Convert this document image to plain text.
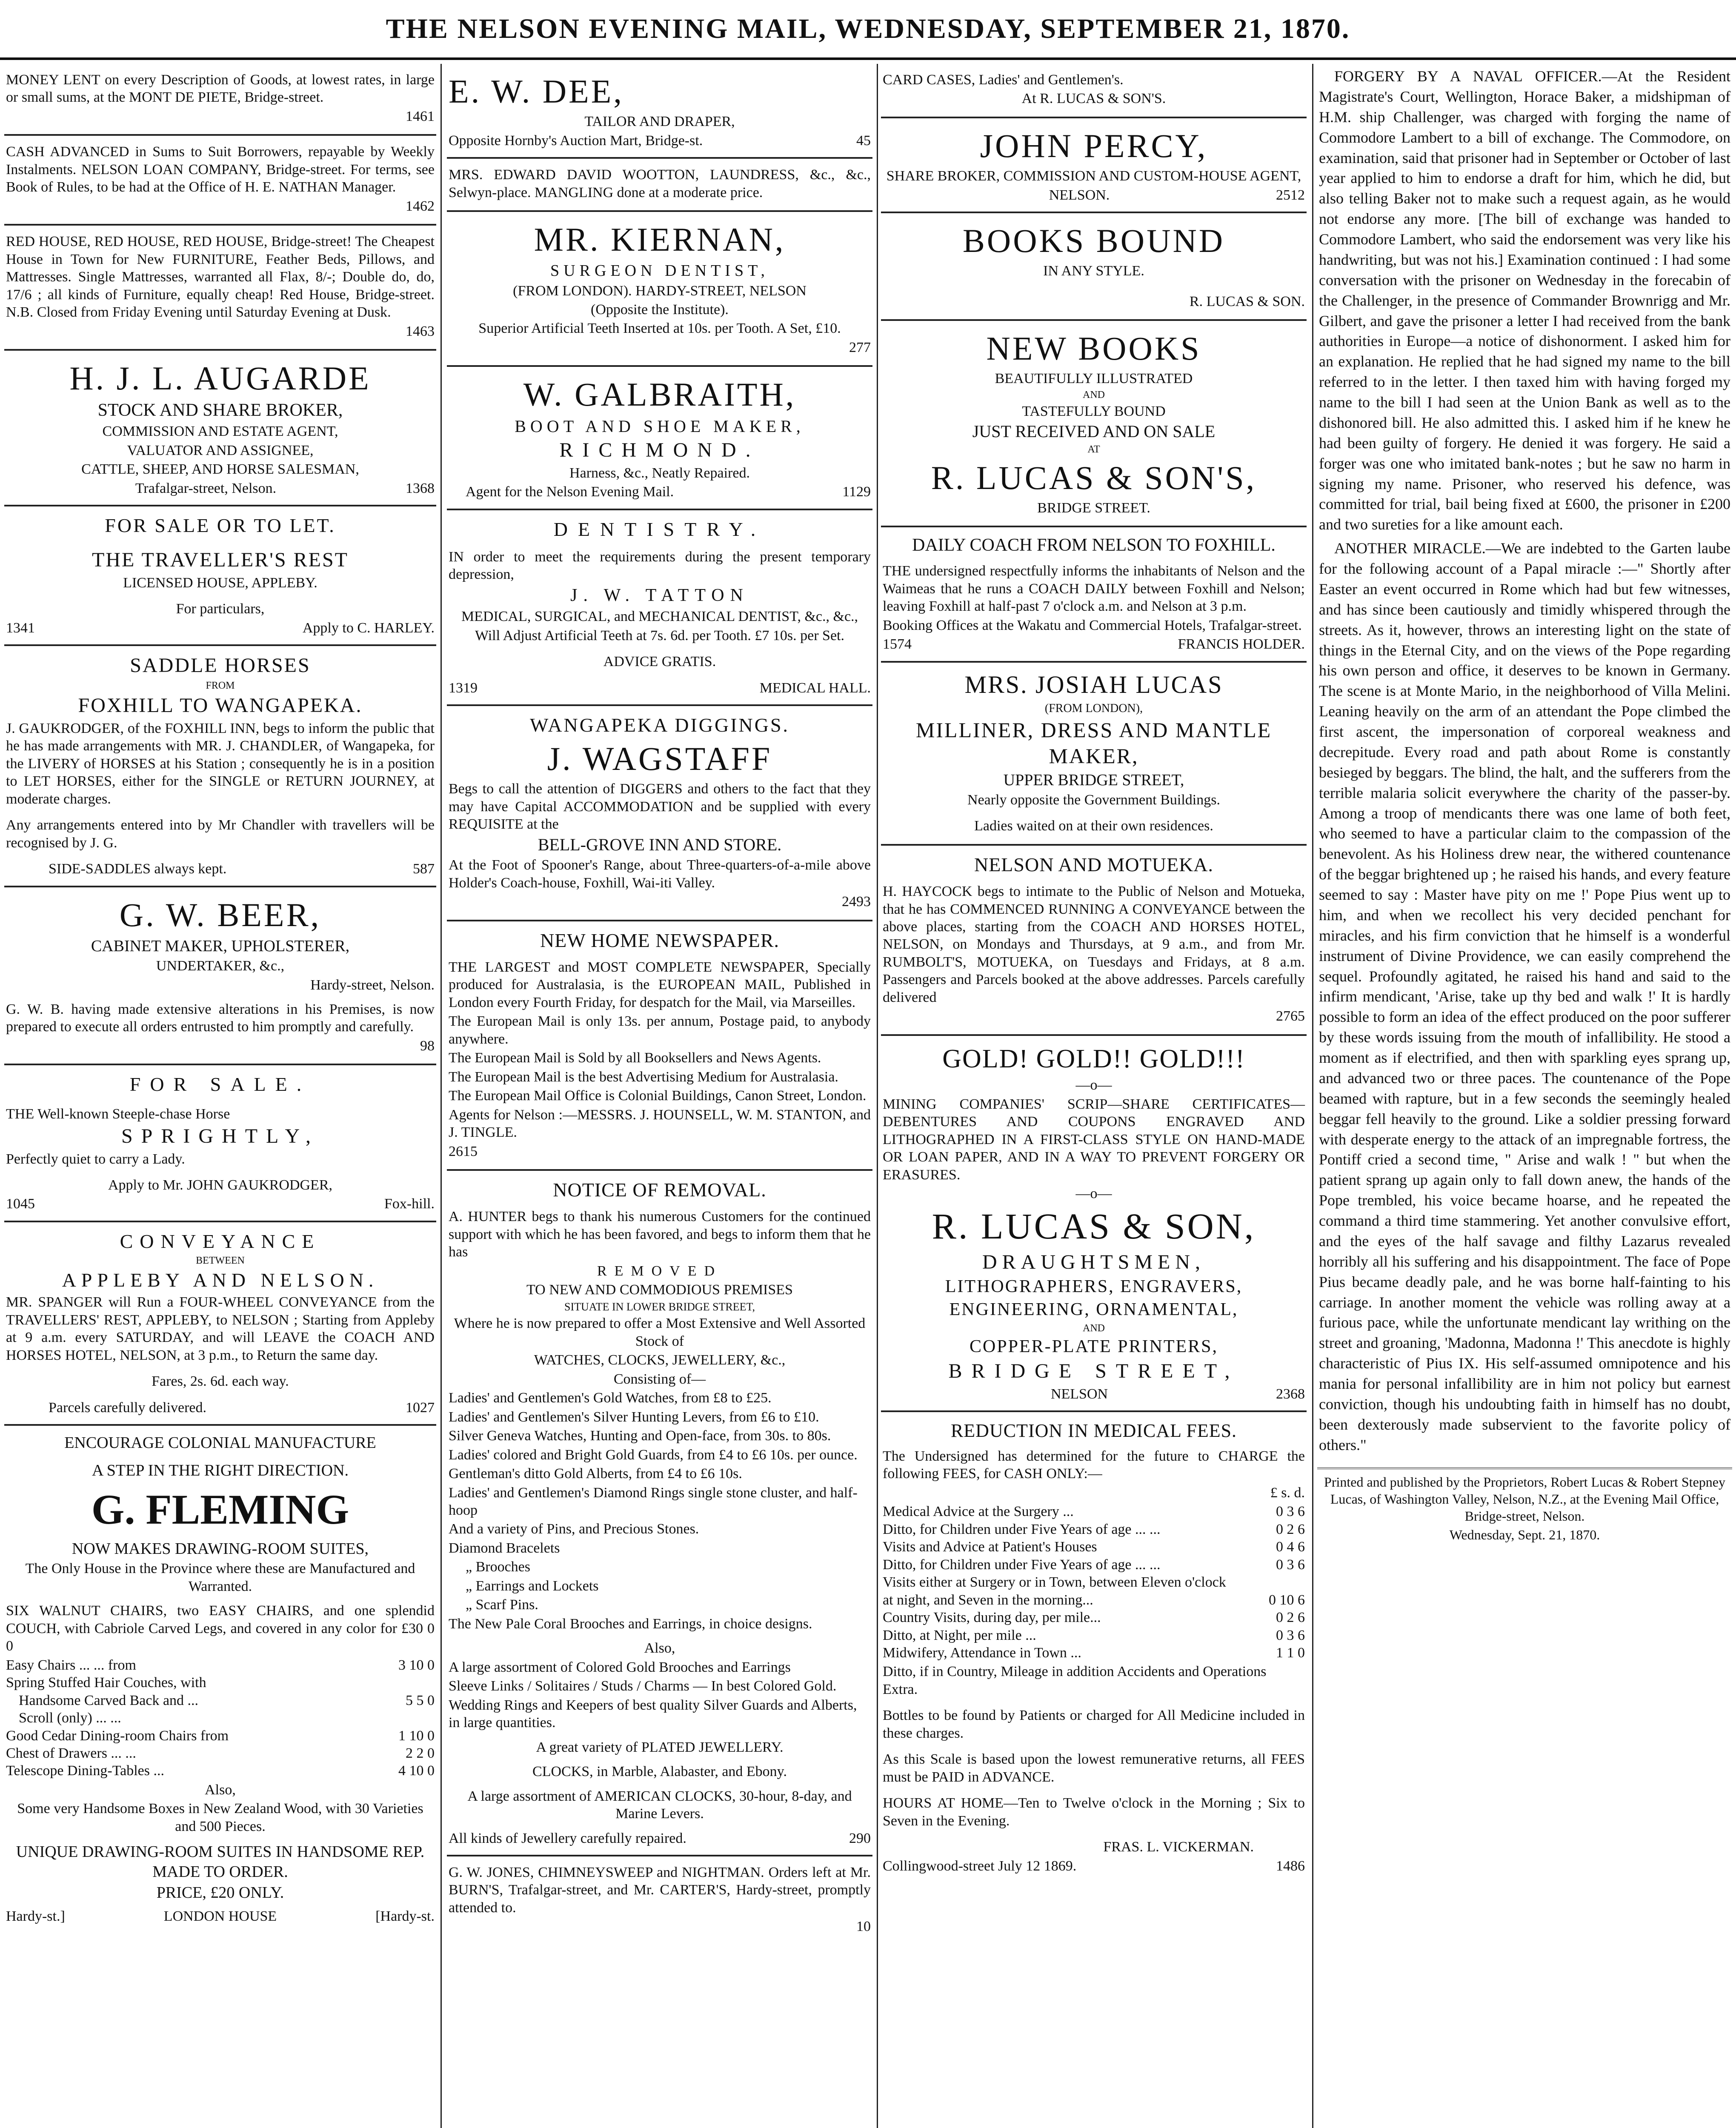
THE NELSON EVENING MAIL, WEDNESDAY, SEPTEMBER 21, 1870.

MONEY LENT on every Description of Goods, at lowest rates, in large or small sums, at the MONT DE PIETE, Bridge-street.

1461

CASH ADVANCED in Sums to Suit Borrowers, repayable by Weekly Instalments. NELSON LOAN COMPANY, Bridge-street. For terms, see Book of Rules, to be had at the Office of H. E. NATHAN Manager.

1462

RED HOUSE, RED HOUSE, RED HOUSE, Bridge-street! The Cheapest House in Town for New FURNITURE, Feather Beds, Pillows, and Mattresses. Single Mattresses, warranted all Flax, 8/-; Double do, do, 17/6 ; all kinds of Furniture, equally cheap! Red House, Bridge-street. N.B. Closed from Friday Evening until Saturday Evening at Dusk.

1463

H. J. L. AUGARDE

STOCK AND SHARE BROKER,

COMMISSION AND ESTATE AGENT,

VALUATOR AND ASSIGNEE,

CATTLE, SHEEP, AND HORSE SALESMAN,

Trafalgar-street, Nelson.	1368

FOR SALE OR TO LET.

THE TRAVELLER'S REST

LICENSED HOUSE, APPLEBY.

For particulars,

1341	Apply to C. HARLEY.

SADDLE HORSES

FROM

FOXHILL TO WANGAPEKA.

J. GAUKRODGER, of the FOXHILL INN, begs to inform the public that he has made arrangements with MR. J. CHANDLER, of Wangapeka, for the LIVERY of HORSES at his Station ; consequently he is in a position to LET HORSES, either for the SINGLE or RETURN JOURNEY, at moderate charges.

Any arrangements entered into by Mr Chandler with travellers will be recognised by J. G.

SIDE-SADDLES always kept.	587

G. W. BEER,

CABINET MAKER, UPHOLSTERER,

UNDERTAKER, &c.,

Hardy-street, Nelson.

G. W. B. having made extensive alterations in his Premises, is now prepared to execute all orders entrusted to him promptly and carefully.

98

FOR SALE.

THE Well-known Steeple-chase Horse

SPRIGHTLY,

Perfectly quiet to carry a Lady.

Apply to Mr. JOHN GAUKRODGER,

1045	Fox-hill.

CONVEYANCE

BETWEEN

APPLEBY AND NELSON.

MR. SPANGER will Run a FOUR-WHEEL CONVEYANCE from the TRAVELLERS' REST, APPLEBY, to NELSON ; Starting from Appleby at 9 a.m. every SATURDAY, and will LEAVE the COACH AND HORSES HOTEL, NELSON, at 3 p.m., to Return the same day.

Fares, 2s. 6d. each way.

Parcels carefully delivered.	1027

ENCOURAGE COLONIAL MANUFACTURE

A STEP IN THE RIGHT DIRECTION.

G. FLEMING

NOW MAKES DRAWING-ROOM SUITES,

The Only House in the Province where these are Manufactured and Warranted.

SIX WALNUT CHAIRS, two EASY CHAIRS, and one splendid COUCH, with Cabriole Carved Legs, and covered in any color for £30 0 0

Easy Chairs ... ... from	3 10 0
Spring Stuffed Hair Couches, with
Handsome Carved Back and ...	5 5 0
Scroll (only) ... ...
Good Cedar Dining-room Chairs from	1 10 0
Chest of Drawers ... ...	2 2 0
Telescope Dining-Tables ...	4 10 0

Also,

Some very Handsome Boxes in New Zealand Wood, with 30 Varieties and 500 Pieces.

UNIQUE DRAWING-ROOM SUITES IN HANDSOME REP. MADE TO ORDER.

PRICE, £20 ONLY.

Hardy-st.]	LONDON HOUSE	[Hardy-st.

E. W. DEE,

TAILOR AND DRAPER,

Opposite Hornby's Auction Mart, Bridge-st.	45

MRS. EDWARD DAVID WOOTTON, LAUNDRESS, &c., &c., Selwyn-place. MANGLING done at a moderate price.

MR. KIERNAN,

SURGEON DENTIST,

(FROM LONDON). HARDY-STREET, NELSON

(Opposite the Institute).

Superior Artificial Teeth Inserted at 10s. per Tooth. A Set, £10.

277

W. GALBRAITH,

BOOT AND SHOE MAKER,

RICHMOND.

Harness, &c., Neatly Repaired.

Agent for the Nelson Evening Mail.	1129

DENTISTRY.

IN order to meet the requirements during the present temporary depression,

J. W. TATTON

MEDICAL, SURGICAL, and MECHANICAL DENTIST, &c., &c.,

Will Adjust Artificial Teeth at 7s. 6d. per Tooth. £7 10s. per Set.

ADVICE GRATIS.

1319	MEDICAL HALL.

WANGAPEKA DIGGINGS.

J. WAGSTAFF

Begs to call the attention of DIGGERS and others to the fact that they may have Capital ACCOMMODATION and be supplied with every REQUISITE at the

BELL-GROVE INN AND STORE.

At the Foot of Spooner's Range, about Three-quarters-of-a-mile above Holder's Coach-house, Foxhill, Wai-iti Valley.

2493

NEW HOME NEWSPAPER.

THE LARGEST and MOST COMPLETE NEWSPAPER, Specially produced for Australasia, is the EUROPEAN MAIL, Published in London every Fourth Friday, for despatch for the Mail, via Marseilles.

The European Mail is only 13s. per annum, Postage paid, to anybody anywhere.

The European Mail is Sold by all Booksellers and News Agents.

The European Mail is the best Advertising Medium for Australasia.

The European Mail Office is Colonial Buildings, Canon Street, London.

Agents for Nelson :—MESSRS. J. HOUNSELL, W. M. STANTON, and J. TINGLE.

2615

NOTICE OF REMOVAL.

A. HUNTER begs to thank his numerous Customers for the continued support with which he has been favored, and begs to inform them that he has

REMOVED

TO NEW AND COMMODIOUS PREMISES

SITUATE IN LOWER BRIDGE STREET,

Where he is now prepared to offer a Most Extensive and Well Assorted Stock of

WATCHES, CLOCKS, JEWELLERY, &c.,

Consisting of—

Ladies' and Gentlemen's Gold Watches, from £8 to £25.

Ladies' and Gentlemen's Silver Hunting Levers, from £6 to £10.

Silver Geneva Watches, Hunting and Open-face, from 30s. to 80s.

Ladies' colored and Bright Gold Guards, from £4 to £6 10s. per ounce.

Gentleman's ditto Gold Alberts, from £4 to £6 10s.

Ladies' and Gentlemen's Diamond Rings single stone cluster, and half-hoop

And a variety of Pins, and Precious Stones.

Diamond Bracelets

„ Brooches

„ Earrings and Lockets

„ Scarf Pins.

The New Pale Coral Brooches and Earrings, in choice designs.

Also,

A large assortment of Colored Gold Brooches and Earrings

Sleeve Links / Solitaires / Studs / Charms — In best Colored Gold.

Wedding Rings and Keepers of best quality Silver Guards and Alberts, in large quantities.

A great variety of PLATED JEWELLERY.

CLOCKS, in Marble, Alabaster, and Ebony.

A large assortment of AMERICAN CLOCKS, 30-hour, 8-day, and Marine Levers.

All kinds of Jewellery carefully repaired.	290

G. W. JONES, CHIMNEYSWEEP and NIGHTMAN. Orders left at Mr. BURN'S, Trafalgar-street, and Mr. CARTER'S, Hardy-street, promptly attended to.

10

CARD CASES, Ladies' and Gentlemen's.

At R. LUCAS & SON'S.

JOHN PERCY,

SHARE BROKER, COMMISSION AND CUSTOM-HOUSE AGENT,

NELSON.	2512

BOOKS BOUND

IN ANY STYLE.

R. LUCAS & SON.

NEW BOOKS

BEAUTIFULLY ILLUSTRATED

AND

TASTEFULLY BOUND

JUST RECEIVED AND ON SALE

AT

R. LUCAS & SON'S,

BRIDGE STREET.

DAILY COACH FROM NELSON TO FOXHILL.

THE undersigned respectfully informs the inhabitants of Nelson and the Waimeas that he runs a COACH DAILY between Foxhill and Nelson; leaving Foxhill at half-past 7 o'clock a.m. and Nelson at 3 p.m.

Booking Offices at the Wakatu and Commercial Hotels, Trafalgar-street.

1574	FRANCIS HOLDER.

MRS. JOSIAH LUCAS

(FROM LONDON),

MILLINER, DRESS AND MANTLE MAKER,

UPPER BRIDGE STREET,

Nearly opposite the Government Buildings.

Ladies waited on at their own residences.

NELSON AND MOTUEKA.

H. HAYCOCK begs to intimate to the Public of Nelson and Motueka, that he has COMMENCED RUNNING A CONVEYANCE between the above places, starting from the COACH AND HORSES HOTEL, NELSON, on Mondays and Thursdays, at 9 a.m., and from Mr. RUMBOLT'S, MOTUEKA, on Tuesdays and Fridays, at 8 a.m. Passengers and Parcels booked at the above addresses. Parcels carefully delivered

2765

GOLD! GOLD!! GOLD!!!

—o—

MINING COMPANIES' SCRIP—SHARE CERTIFICATES—DEBENTURES AND COUPONS ENGRAVED AND LITHOGRAPHED IN A FIRST-CLASS STYLE ON HAND-MADE OR LOAN PAPER, AND IN A WAY TO PREVENT FORGERY OR ERASURES.

—o—

R. LUCAS & SON,

DRAUGHTSMEN,

LITHOGRAPHERS, ENGRAVERS,

ENGINEERING, ORNAMENTAL,

AND

COPPER-PLATE PRINTERS,

BRIDGE STREET,

NELSON	2368

REDUCTION IN MEDICAL FEES.

The Undersigned has determined for the future to CHARGE the following FEES, for CASH ONLY:—

£ s. d.

Medical Advice at the Surgery ...	0 3 6
Ditto, for Children under Five Years of age ... ...	0 2 6
Visits and Advice at Patient's Houses	0 4 6
Ditto, for Children under Five Years of age ... ...	0 3 6
Visits either at Surgery or in Town, between Eleven o'clock at night, and Seven in the morning...	0 10 6
Country Visits, during day, per mile...	0 2 6
Ditto, at Night, per mile ...	0 3 6
Midwifery, Attendance in Town ...	1 1 0

Ditto, if in Country, Mileage in addition Accidents and Operations Extra.

Bottles to be found by Patients or charged for All Medicine included in these charges.

As this Scale is based upon the lowest remunerative returns, all FEES must be PAID in ADVANCE.

HOURS AT HOME—Ten to Twelve o'clock in the Morning ; Six to Seven in the Evening.

FRAS. L. VICKERMAN.

Collingwood-street July 12 1869.	1486

FORGERY BY A NAVAL OFFICER.—At the Resident Magistrate's Court, Wellington, Horace Baker, a midshipman of H.M. ship Challenger, was charged with forging the name of Commodore Lambert to a bill of exchange. The Commodore, on examination, said that prisoner had in September or October of last year applied to him to endorse a draft for him, which he did, but also telling Baker not to make such a request again, as he would not endorse any more. [The bill of exchange was handed to Commodore Lambert, who said the endorsement was very like his handwriting, but was not his.] Examination continued : I had some conversation with the prisoner on Wednesday in the forecabin of the Challenger, in the presence of Commander Brownrigg and Mr. Gilbert, and gave the prisoner a letter I had received from the bank authorities in Europe—a notice of dishonorment. I asked him for an explanation. He replied that he had signed my name to the bill referred to in the letter. I then taxed him with having forged my name to the bill I had seen at the Union Bank as well as to the dishonored bill. He also admitted this. I asked him if he knew he had been guilty of forgery. He denied it was forgery. He said a forger was one who imitated bank-notes ; but he saw no harm in signing my name. Prisoner, who reserved his defence, was committed for trial, bail being fixed at £600, the prisoner in £200 and two sureties for a like amount each.

ANOTHER MIRACLE.—We are indebted to the Garten laube for the following account of a Papal miracle :—" Shortly after Easter an event occurred in Rome which had but few witnesses, and has since been cautiously and timidly whispered through the streets. As it, however, throws an interesting light on the state of things in the Eternal City, and on the views of the Pope regarding his own person and office, it deserves to be known in Germany. The scene is at Monte Mario, in the neighborhood of Villa Melini. Leaning heavily on the arm of an attendant the Pope climbed the first ascent, the impersonation of corporeal weakness and decrepitude. Every road and path about Rome is constantly besieged by beggars. The blind, the halt, and the sufferers from the terrible malaria solicit everywhere the charity of the passer-by. Among a troop of mendicants there was one lame of both feet, who seemed to have a particular claim to the compassion of the benevolent. As his Holiness drew near, the withered countenance of the beggar brightened up ; he raised his hands, and every feature seemed to say : Master have pity on me !' Pope Pius went up to him, and when we recollect his very decided penchant for miracles, and his firm conviction that he himself is a wonderful instrument of Divine Providence, we can easily comprehend the sequel. Profoundly agitated, he raised his hand and said to the infirm mendicant, 'Arise, take up thy bed and walk !' It is hardly possible to form an idea of the effect produced on the poor sufferer by these words issuing from the mouth of infallibility. He stood a moment as if electrified, and then with sparkling eyes sprang up, and advanced two or three paces. The countenance of the Pope beamed with rapture, but in a few seconds the seemingly healed beggar fell heavily to the ground. Like a soldier pressing forward with desperate energy to the attack of an impregnable fortress, the Pontiff cried a second time, " Arise and walk ! " but when the patient sprang up again only to fall down anew, the hands of the Pope trembled, his voice became hoarse, and he repeated the command a third time stammering. Yet another convulsive effort, and the eyes of the half savage and filthy Lazarus revealed horribly all his suffering and his disappointment. The face of Pope Pius became deadly pale, and he was borne half-fainting to his carriage. In another moment the vehicle was rolling away at a furious pace, while the unfortunate mendicant lay writhing on the street and groaning, 'Madonna, Madonna !' This anecdote is highly characteristic of Pius IX. His self-assumed omnipotence and his mania for personal infallibility are in him not policy but earnest conviction, though his undoubting faith in himself has no doubt, been dexterously made subservient to the favorite policy of others."

Printed and published by the Proprietors, Robert Lucas & Robert Stepney Lucas, of Washington Valley, Nelson, N.Z., at the Evening Mail Office, Bridge-street, Nelson.

Wednesday, Sept. 21, 1870.
